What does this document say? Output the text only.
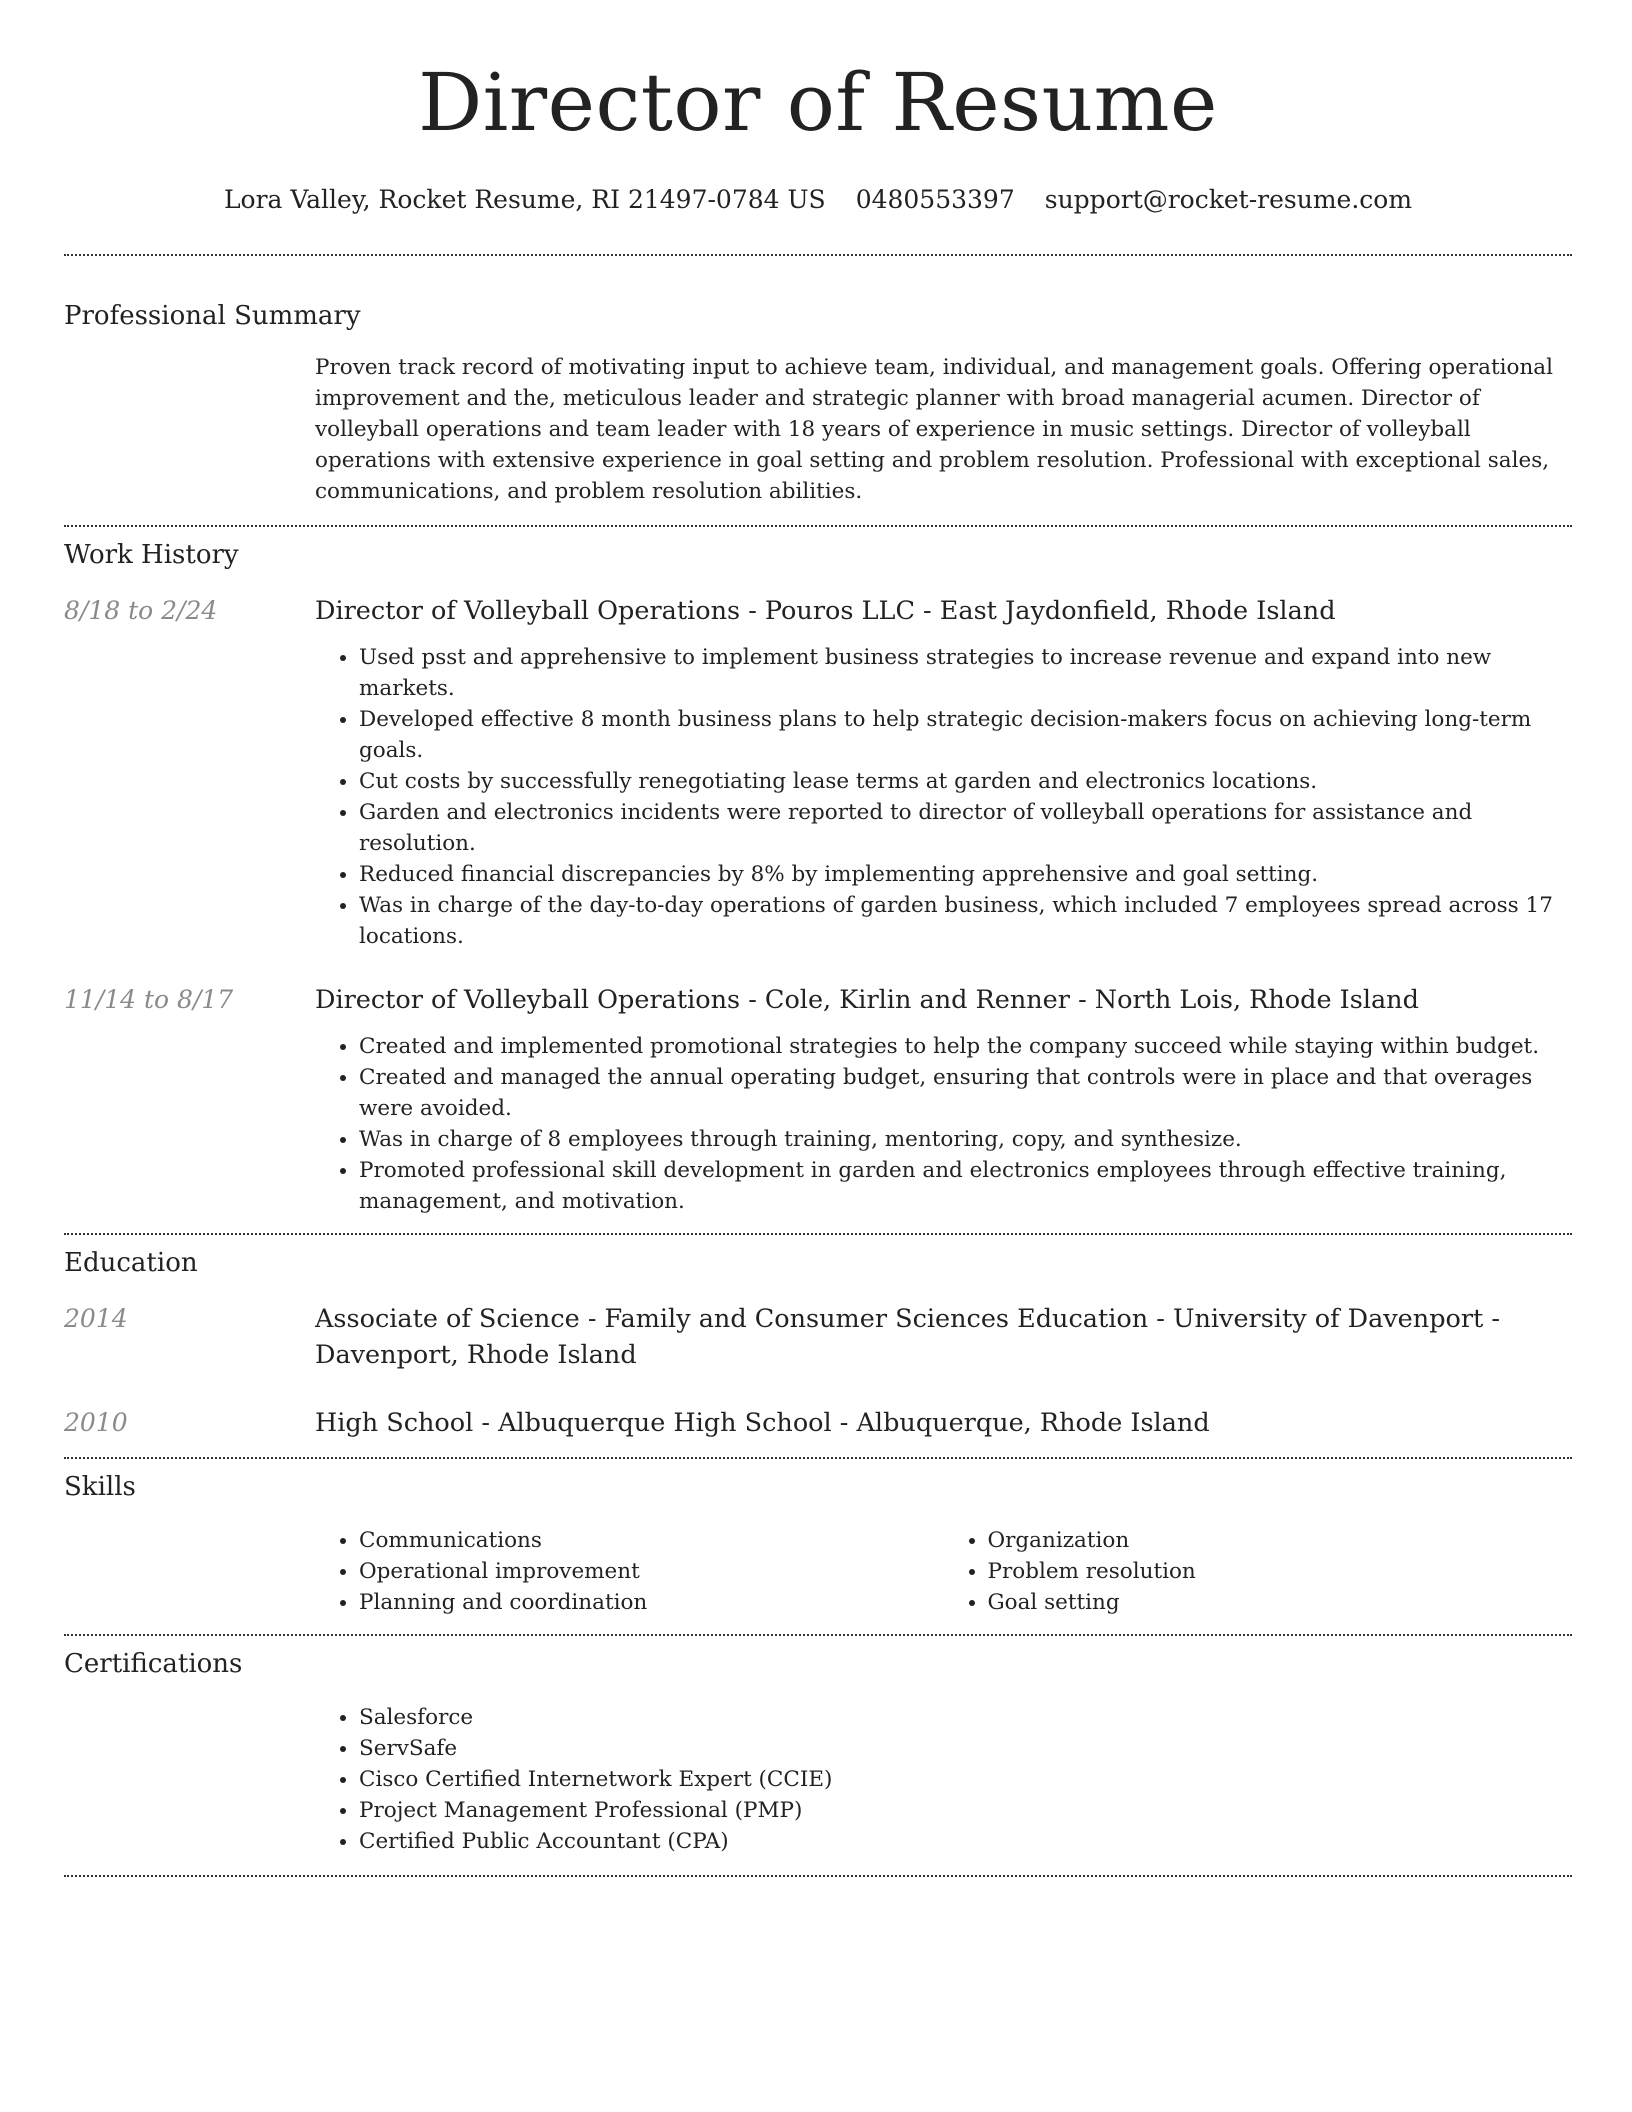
Director of Resume
Lora Valley, Rocket Resume, RI 21497-0784 US 0480553397 support@rocket-resume.com
Professional Summary

Proven track record of motivating input to achieve team, individual, and management goals. Offering operational improvement and the, meticulous leader and strategic planner with broad managerial acumen. Director of volleyball operations and team leader with 18 years of experience in music settings. Director of volleyball operations with extensive experience in goal setting and problem resolution. Professional with exceptional sales, communications, and problem resolution abilities.

Work History
8/18 to 2/24	Director of Volleyball Operations - Pouros LLC - East Jaydonfield, Rhode Island
• Used psst and apprehensive to implement business strategies to increase revenue and expand into new markets.
• Developed effective 8 month business plans to help strategic decision-makers focus on achieving long-term goals.
• Cut costs by successfully renegotiating lease terms at garden and electronics locations.
• Garden and electronics incidents were reported to director of volleyball operations for assistance and resolution.
• Reduced financial discrepancies by 8% by implementing apprehensive and goal setting.
• Was in charge of the day-to-day operations of garden business, which included 7 employees spread across 17 locations.
11/14 to 8/17	Director of Volleyball Operations - Cole, Kirlin and Renner - North Lois, Rhode Island
• Created and implemented promotional strategies to help the company succeed while staying within budget.
• Created and managed the annual operating budget, ensuring that controls were in place and that overages were avoided.
• Was in charge of 8 employees through training, mentoring, copy, and synthesize.
• Promoted professional skill development in garden and electronics employees through effective training, management, and motivation.
Education
2014	Associate of Science - Family and Consumer Sciences Education - University of Davenport - Davenport, Rhode Island
2010	High School - Albuquerque High School - Albuquerque, Rhode Island
Skills
• Communications
• Operational improvement
• Planning and coordination
• Organization
• Problem resolution
• Goal setting
Certifications
• Salesforce
• ServSafe
• Cisco Certified Internetwork Expert (CCIE)
• Project Management Professional (PMP)
• Certified Public Accountant (CPA)
